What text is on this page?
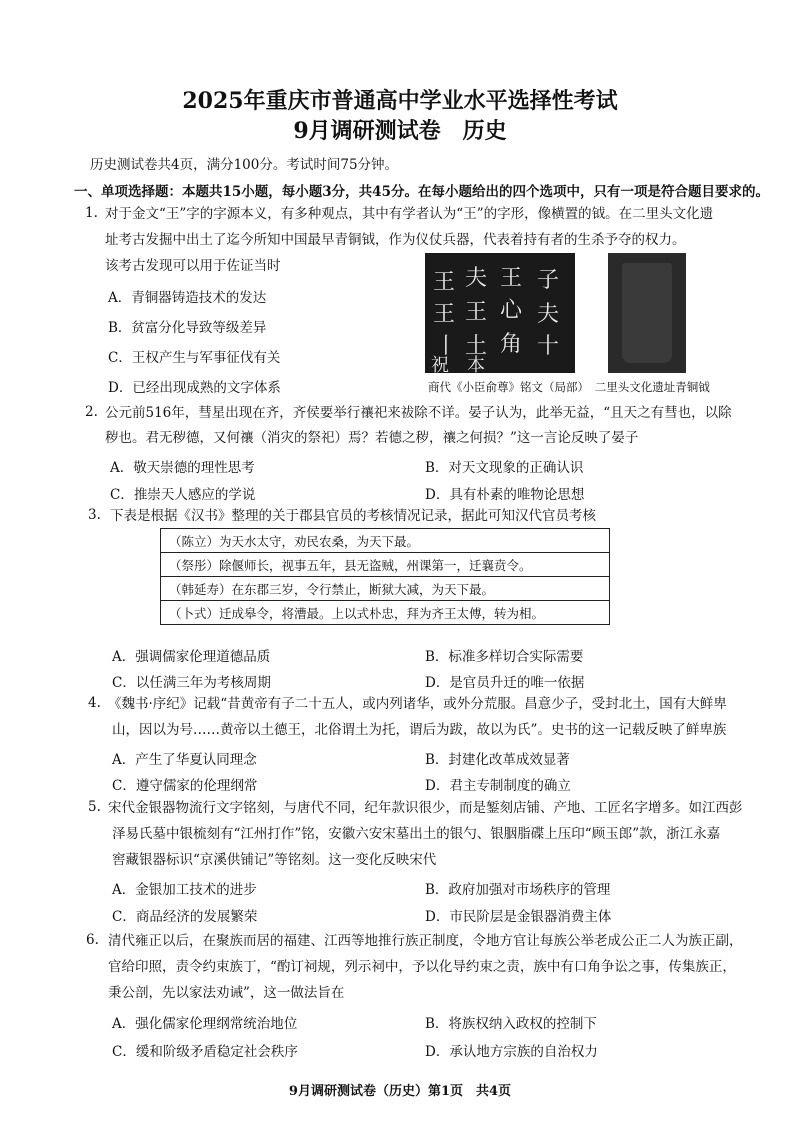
2025年重庆市普通高中学业水平选择性考试
9月调研测试卷　历史
历史测试卷共4页，满分100分。考试时间75分钟。
一、单项选择题：本题共15小题，每小题3分，共45分。在每小题给出的四个选项中，只有一项是符合题目要求的。
1. 对于金文“王”字的字源本义，有多种观点，其中有学者认为“王”的字形，像横置的钺。在二里头文化遗
址考古发掘中出土了迄今所知中国最早青铜钺，作为仪仗兵器，代表着持有者的生杀予夺的权力。
该考古发现可以用于佐证当时
A．青铜器铸造技术的发达
B．贫富分化导致等级差异
C．王权产生与军事征伐有关
D．已经出现成熟的文字体系
王 夫 王 子
王 王 心 夫
丨 土 角 十
祝 本
商代《小臣俞尊》铭文（局部）　二里头文化遗址青铜钺
2. 公元前516年，彗星出现在齐，齐侯要举行禳祀来祓除不详。晏子认为，此举无益，“且天之有彗也，以除
秽也。君无秽德，又何禳（消灾的祭祀）焉？若德之秽，禳之何损？”这一言论反映了晏子
A．敬天崇德的理性思考	B．对天文现象的正确认识
C．推崇天人感应的学说	D．具有朴素的唯物论思想
3. 下表是根据《汉书》整理的关于郡县官员的考核情况记录，据此可知汉代官员考核
（陈立）为天水太守，劝民农桑，为天下最。
（祭彤）除偃师长，视事五年，县无盗贼，州课第一，迁襄贲令。
（韩延寿）在东郡三岁，令行禁止，断狱大减，为天下最。
（卜式）迁成皋令，将漕最。上以式朴忠，拜为齐王太傅，转为相。
A．强调儒家伦理道德品质	B．标准多样切合实际需要
C．以任满三年为考核周期	D．是官员升迁的唯一依据
4. 《魏书·序纪》记载“昔黄帝有子二十五人，或内列诸华，或外分荒服。昌意少子，受封北土，国有大鲜卑
山，因以为号……黄帝以土德王，北俗谓土为托，谓后为跋，故以为氏”。史书的这一记载反映了鲜卑族
A．产生了华夏认同理念	B．封建化改革成效显著
C．遵守儒家的伦理纲常	D．君主专制制度的确立
5. 宋代金银器物流行文字铭刻，与唐代不同，纪年款识很少，而是錾刻店铺、产地、工匠名字增多。如江西彭
泽易氏墓中银梳刻有“江州打作”铭，安徽六安宋墓出土的银勺、银胭脂碟上压印“顾玉郎”款，浙江永嘉
窖藏银器标识“京溪供铺记”等铭刻。这一变化反映宋代
A．金银加工技术的进步	B．政府加强对市场秩序的管理
C．商品经济的发展繁荣	D．市民阶层是金银器消费主体
6. 清代雍正以后，在聚族而居的福建、江西等地推行族正制度，令地方官让每族公举老成公正二人为族正副，
官给印照，责令约束族丁，“酌订祠规，列示祠中，予以化导约束之责，族中有口角争讼之事，传集族正，
秉公剖，先以家法劝诫”，这一做法旨在
A．强化儒家伦理纲常统治地位	B．将族权纳入政权的控制下
C．缓和阶级矛盾稳定社会秩序	D．承认地方宗族的自治权力
9月调研测试卷（历史）第1页　共4页
